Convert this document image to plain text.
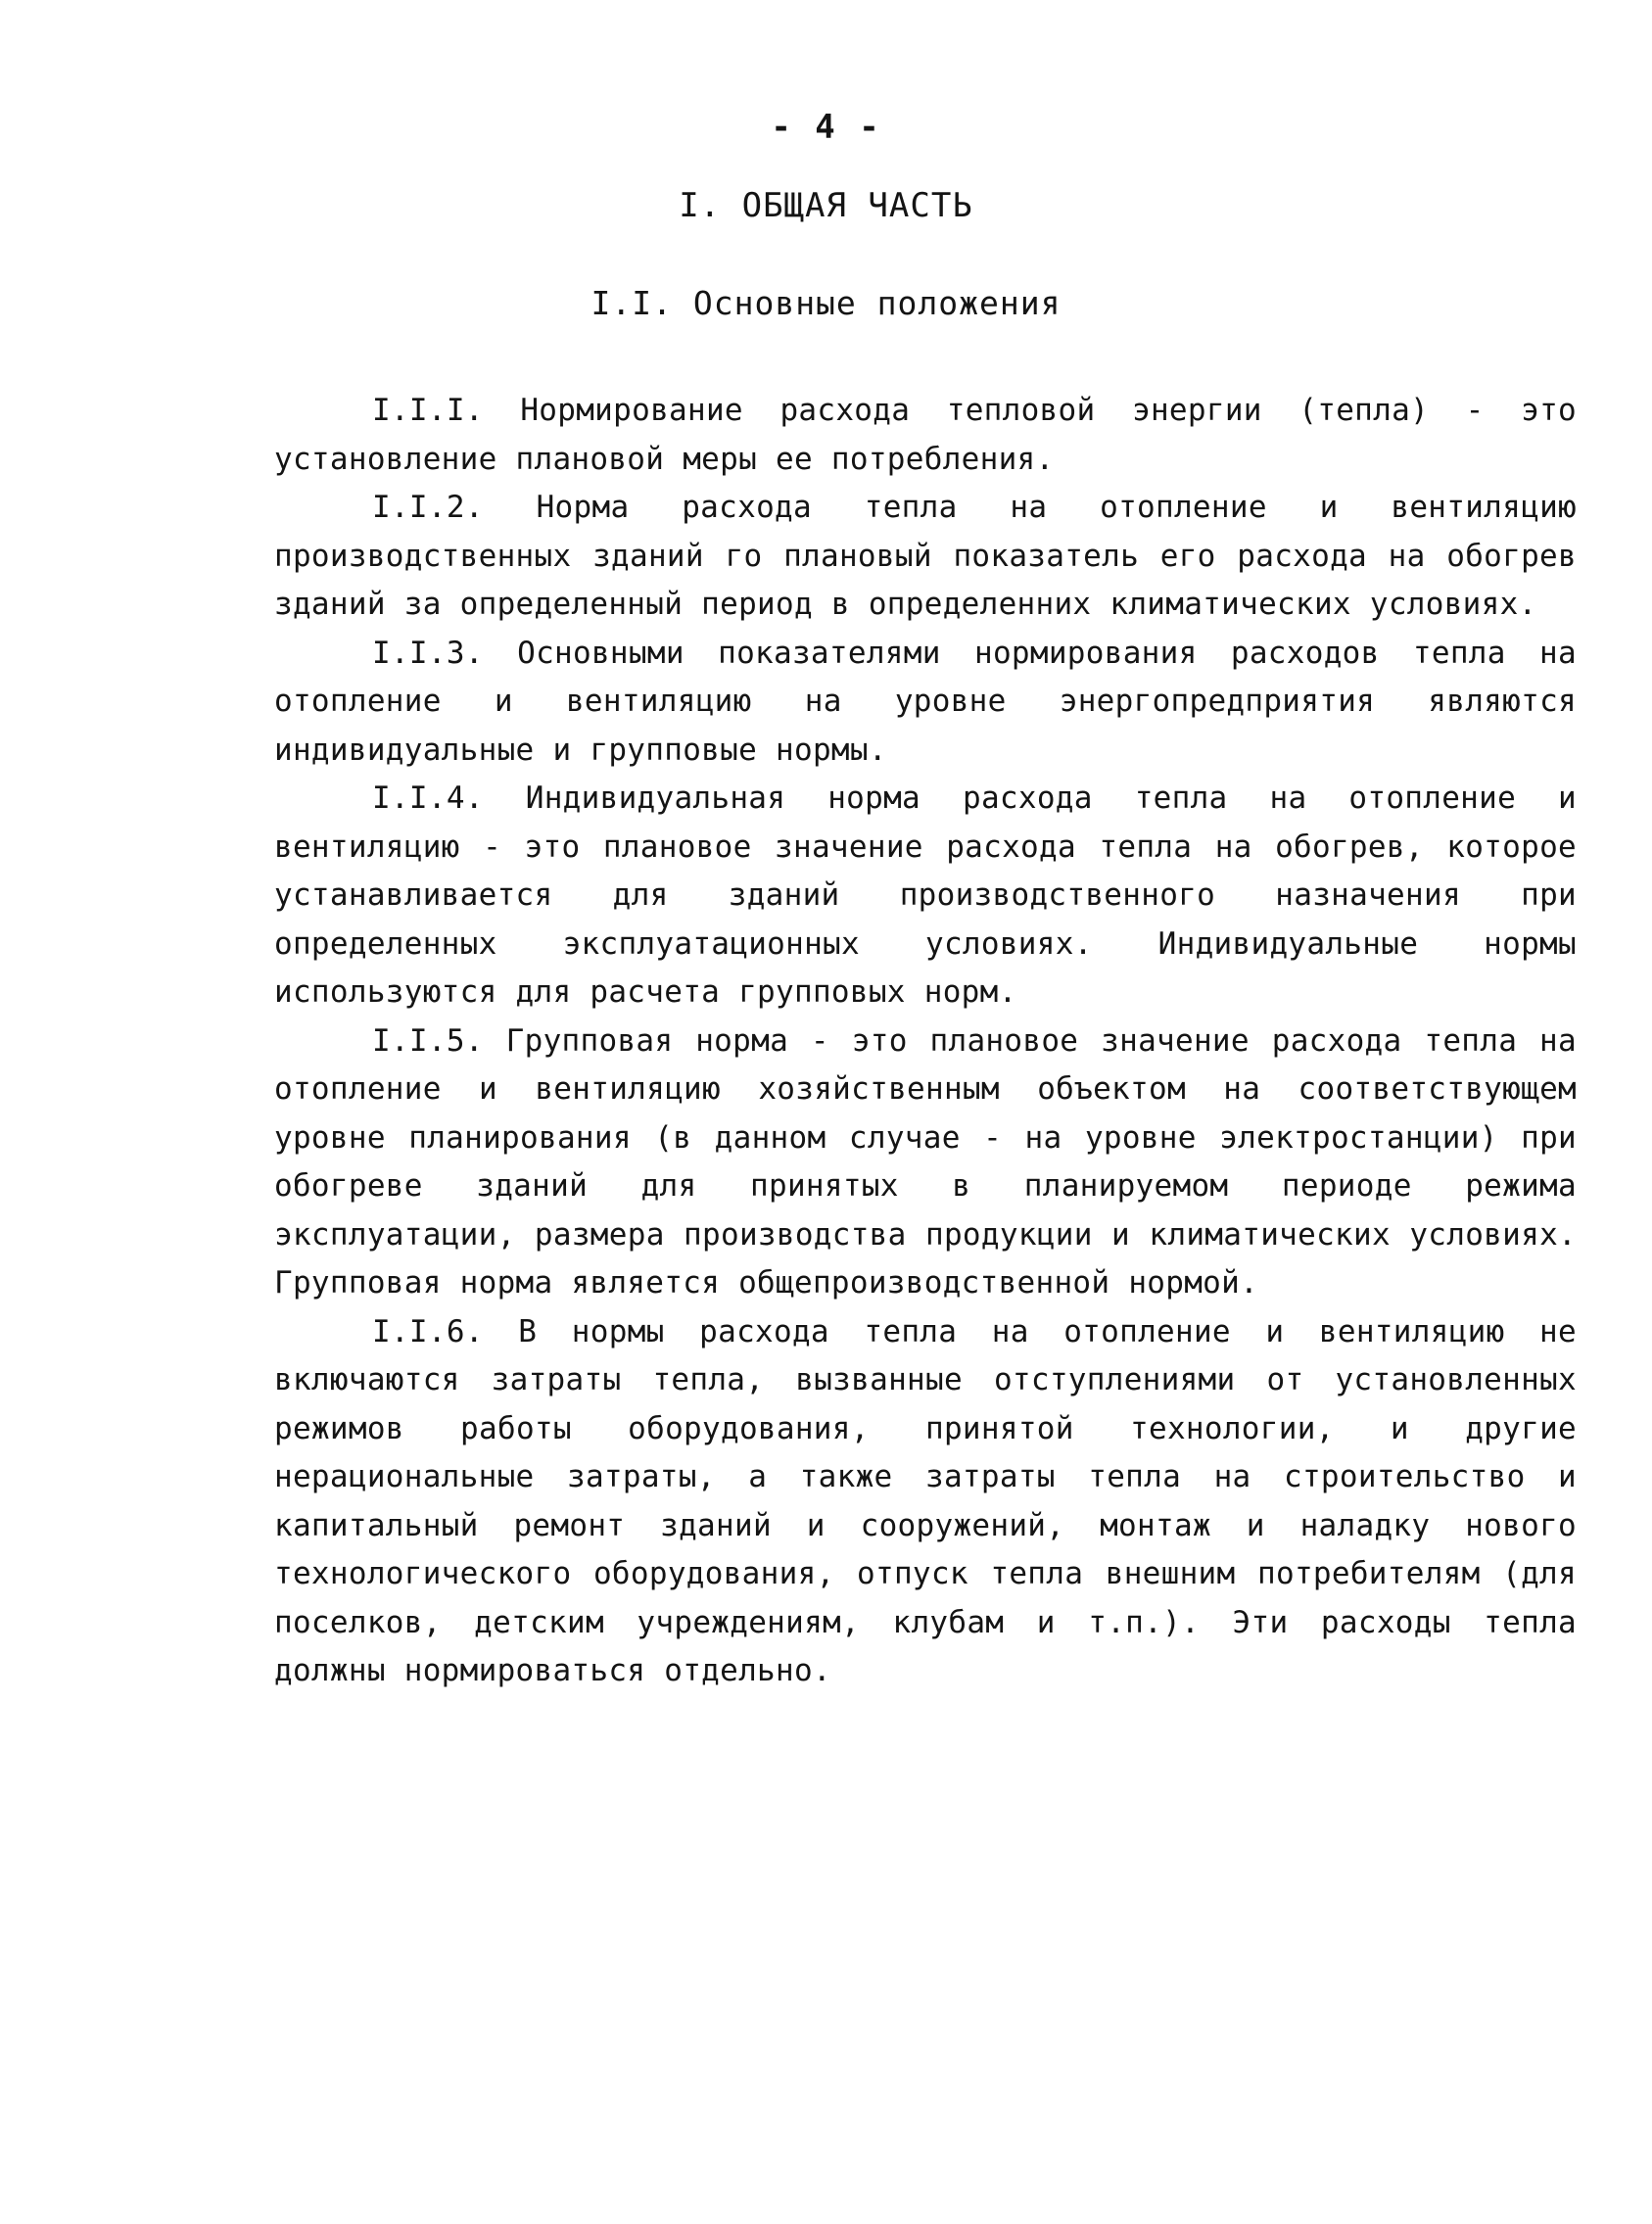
- 4 -
I. ОБЩАЯ ЧАСТЬ
I.I. Основные положения

I.I.I. Нормирование расхода тепловой энергии (тепла) - это установление плановой меры ее потребления.

I.I.2. Норма расхода тепла на отопление и вентиляцию производственных зданий го плановый показатель его расхода на обогрев зданий за определенный период в определенних климатических условиях.

I.I.3. Основными показателями нормирования расходов тепла на отопление и вентиляцию на уровне энергопредприятия являются индивидуальные и групповые нормы.

I.I.4. Индивидуальная норма расхода тепла на отопление и вентиляцию - это плановое значение расхода тепла на обогрев, которое устанавливается для зданий производственного назначения при определенных эксплуатационных условиях. Индивидуальные нормы используются для расчета групповых норм.

I.I.5. Групповая норма - это плановое значение расхода тепла на отопление и вентиляцию хозяйственным объектом на соответствующем уровне планирования (в данном случае - на уровне электростанции) при обогреве зданий для принятых в планируемом периоде режима эксплуатации, размера производства продукции и климатических условиях. Групповая норма является общепроизводственной нормой.

I.I.6. В нормы расхода тепла на отопление и вентиляцию не включаются затраты тепла, вызванные отступлениями от установленных режимов работы оборудования, принятой технологии, и другие нерациональные затраты, а также затраты тепла на строительство и капитальный ремонт зданий и сооружений, монтаж и наладку нового технологического оборудования, отпуск тепла внешним потребителям (для поселков, детским учреждениям, клубам и т.п.). Эти расходы тепла должны нормироваться отдельно.
